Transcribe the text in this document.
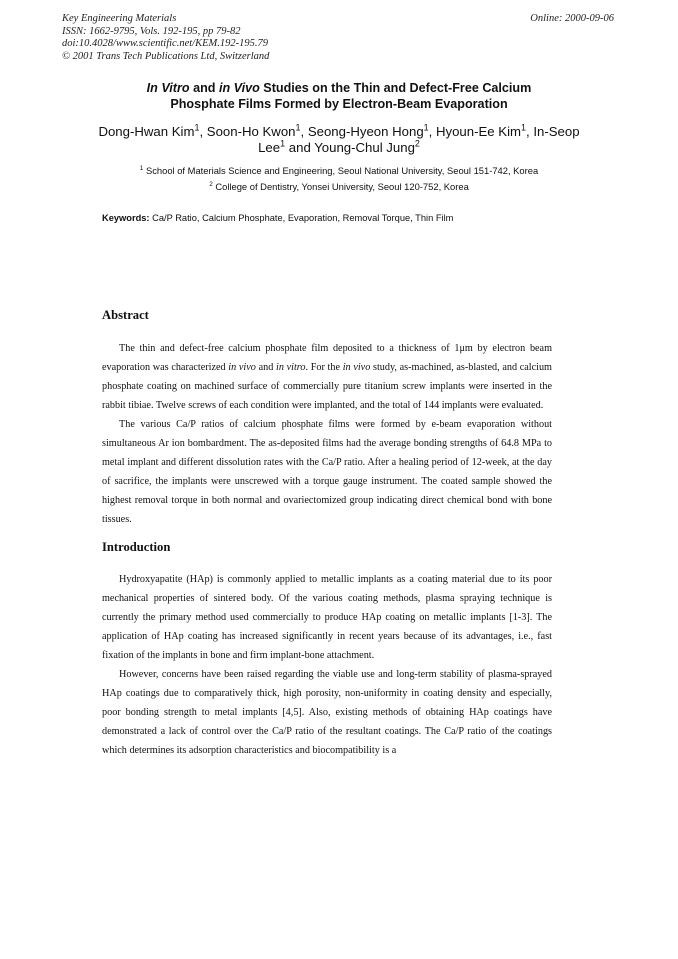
Key Engineering Materials
ISSN: 1662-9795, Vols. 192-195, pp 79-82
doi:10.4028/www.scientific.net/KEM.192-195.79
© 2001 Trans Tech Publications Ltd, Switzerland
Online: 2000-09-06
In Vitro and in Vivo Studies on the Thin and Defect-Free Calcium
Phosphate Films Formed by Electron-Beam Evaporation
Dong-Hwan Kim$^1$, Soon-Ho Kwon$^1$, Seong-Hyeon Hong$^1$, Hyoun-Ee Kim$^1$, In-Seop Lee$^1$ and Young-Chul Jung$^2$
$^1$ School of Materials Science and Engineering, Seoul National University, Seoul 151-742, Korea
$^2$ College of Dentistry, Yonsei University, Seoul 120-752, Korea
Keywords: Ca/P Ratio, Calcium Phosphate, Evaporation, Removal Torque, Thin Film
Abstract

The thin and defect-free calcium phosphate film deposited to a thickness of 1μm by electron beam evaporation was characterized in vivo and in vitro. For the in vivo study, as-machined, as-blasted, and calcium phosphate coating on machined surface of commercially pure titanium screw implants were inserted in the rabbit tibiae. Twelve screws of each condition were implanted, and the total of 144 implants were evaluated.

The various Ca/P ratios of calcium phosphate films were formed by e-beam evaporation without simultaneous Ar ion bombardment. The as-deposited films had the average bonding strengths of 64.8 MPa to metal implant and different dissolution rates with the Ca/P ratio. After a healing period of 12-week, at the day of sacrifice, the implants were unscrewed with a torque gauge instrument. The coated sample showed the highest removal torque in both normal and ovariectomized group indicating direct chemical bond with bone tissues.

Introduction

Hydroxyapatite (HAp) is commonly applied to metallic implants as a coating material due to its poor mechanical properties of sintered body. Of the various coating methods, plasma spraying technique is currently the primary method used commercially to produce HAp coating on metallic implants [1-3]. The application of HAp coating has increased significantly in recent years because of its advantages, i.e., fast fixation of the implants in bone and firm implant-bone attachment.

However, concerns have been raised regarding the viable use and long-term stability of plasma-sprayed HAp coatings due to comparatively thick, high porosity, non-uniformity in coating density and especially, poor bonding strength to metal implants [4,5]. Also, existing methods of obtaining HAp coatings have demonstrated a lack of control over the Ca/P ratio of the resultant coatings. The Ca/P ratio of the coatings which determines its adsorption characteristics and biocompatibility is a
